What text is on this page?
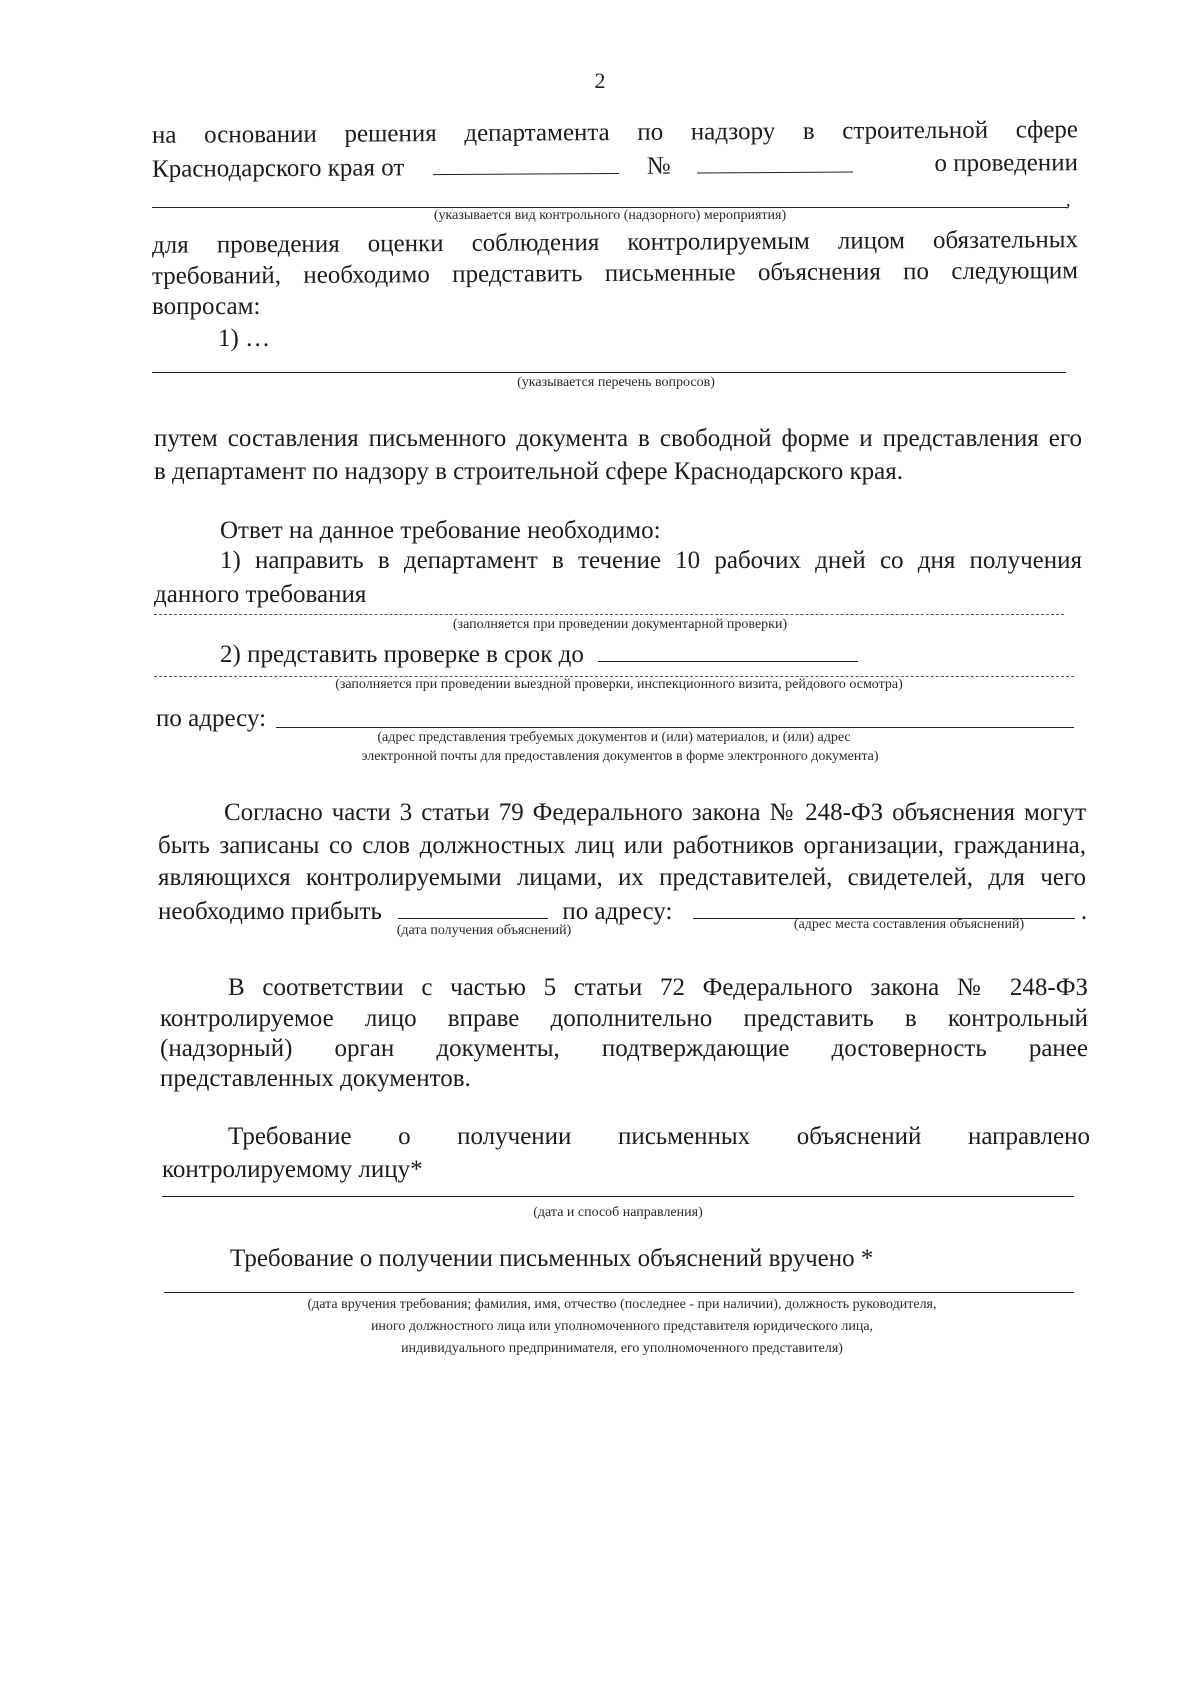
2
на основании решения департамента по надзору в строительной сфере
Краснодарского края от	№	о проведении
,
(указывается вид контрольного (надзорного) мероприятия)
для проведения оценки соблюдения контролируемым лицом обязательных
требований, необходимо представить письменные объяснения по следующим
вопросам:
1) …
(указывается перечень вопросов)
путем составления письменного документа в свободной форме и представления его
в департамент по надзору в строительной сфере Краснодарского края.
Ответ на данное требование необходимо:
1) направить в департамент в течение 10 рабочих дней со дня получения
данного требования
(заполняется при проведении документарной проверки)
2) представить проверке в срок до
(заполняется при проведении выездной проверки, инспекционного визита, рейдового осмотра)
по адресу:
(адрес представления требуемых документов и (или) материалов, и (или) адрес
электронной почты для предоставления документов в форме электронного документа)
Согласно части 3 статьи 79 Федерального закона № 248-ФЗ объяснения могут
быть записаны со слов должностных лиц или работников организации, гражданина,
являющихся контролируемыми лицами, их представителей, свидетелей, для чего
необходимо прибыть	по адресу:	.
(дата получения объяснений)	(адрес места составления объяснений)
В соответствии с частью 5 статьи 72 Федерального закона № 248-ФЗ
контролируемое лицо вправе дополнительно представить в контрольный
(надзорный) орган документы, подтверждающие достоверность ранее
представленных документов.
Требование о получении письменных объяснений направлено
контролируемому лицу*
(дата и способ направления)
Требование о получении письменных объяснений вручено *
(дата вручения требования; фамилия, имя, отчество (последнее - при наличии), должность руководителя,
иного должностного лица или уполномоченного представителя юридического лица,
индивидуального предпринимателя, его уполномоченного представителя)
